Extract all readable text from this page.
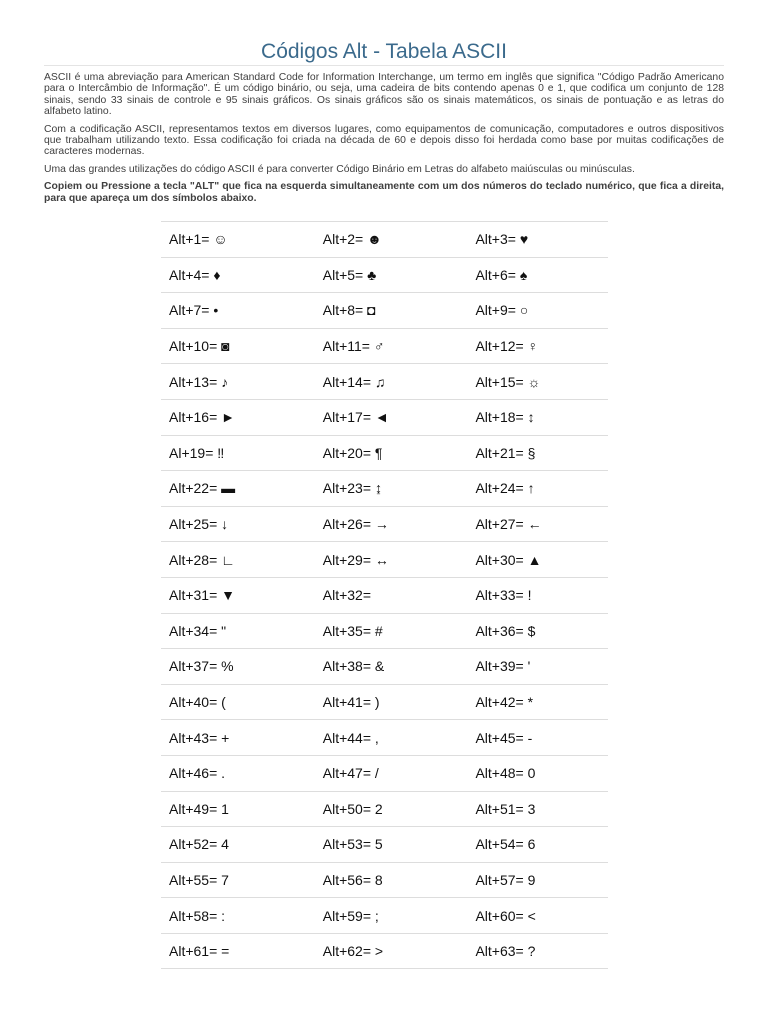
Códigos Alt - Tabela ASCII

ASCII é uma abreviação para American Standard Code for Information Interchange, um termo em inglês que significa "Código Padrão Americano para o Intercâmbio de Informação". É um código binário, ou seja, uma cadeira de bits contendo apenas 0 e 1, que codifica um conjunto de 128 sinais, sendo 33 sinais de controle e 95 sinais gráficos. Os sinais gráficos são os sinais matemáticos, os sinais de pontuação e as letras do alfabeto latino.

Com a codificação ASCII, representamos textos em diversos lugares, como equipamentos de comunicação, computadores e outros dispositivos que trabalham utilizando texto. Essa codificação foi criada na década de 60 e depois disso foi herdada como base por muitas codificações de caracteres modernas.

Uma das grandes utilizações do código ASCII é para converter Código Binário em Letras do alfabeto maiúsculas ou minúsculas.

Copiem ou Pressione a tecla "ALT" que fica na esquerda simultaneamente com um dos números do teclado numérico, que fica a direita, para que apareça um dos símbolos abaixo.

Alt+1= ☺	Alt+2= ☻	Alt+3= ♥
Alt+4= ♦	Alt+5= ♣	Alt+6= ♠
Alt+7= •	Alt+8= ◘	Alt+9= ○
Alt+10= ◙	Alt+11= ♂	Alt+12= ♀
Alt+13= ♪	Alt+14= ♫	Alt+15= ☼
Alt+16= ►	Alt+17= ◄	Alt+18= ↕
Al+19= ‼	Alt+20= ¶	Alt+21= §
Alt+22= ▬	Alt+23= ↨	Alt+24= ↑
Alt+25= ↓	Alt+26= →	Alt+27= ←
Alt+28= ∟	Alt+29= ↔	Alt+30= ▲
Alt+31= ▼	Alt+32=	Alt+33= !
Alt+34= "	Alt+35= #	Alt+36= $
Alt+37= %	Alt+38= &	Alt+39= '
Alt+40= (	Alt+41= )	Alt+42= *
Alt+43= +	Alt+44= ,	Alt+45= -
Alt+46= .	Alt+47= /	Alt+48= 0
Alt+49= 1	Alt+50= 2	Alt+51= 3
Alt+52= 4	Alt+53= 5	Alt+54= 6
Alt+55= 7	Alt+56= 8	Alt+57= 9
Alt+58= :	Alt+59= ;	Alt+60= <
Alt+61= =	Alt+62= >	Alt+63= ?
